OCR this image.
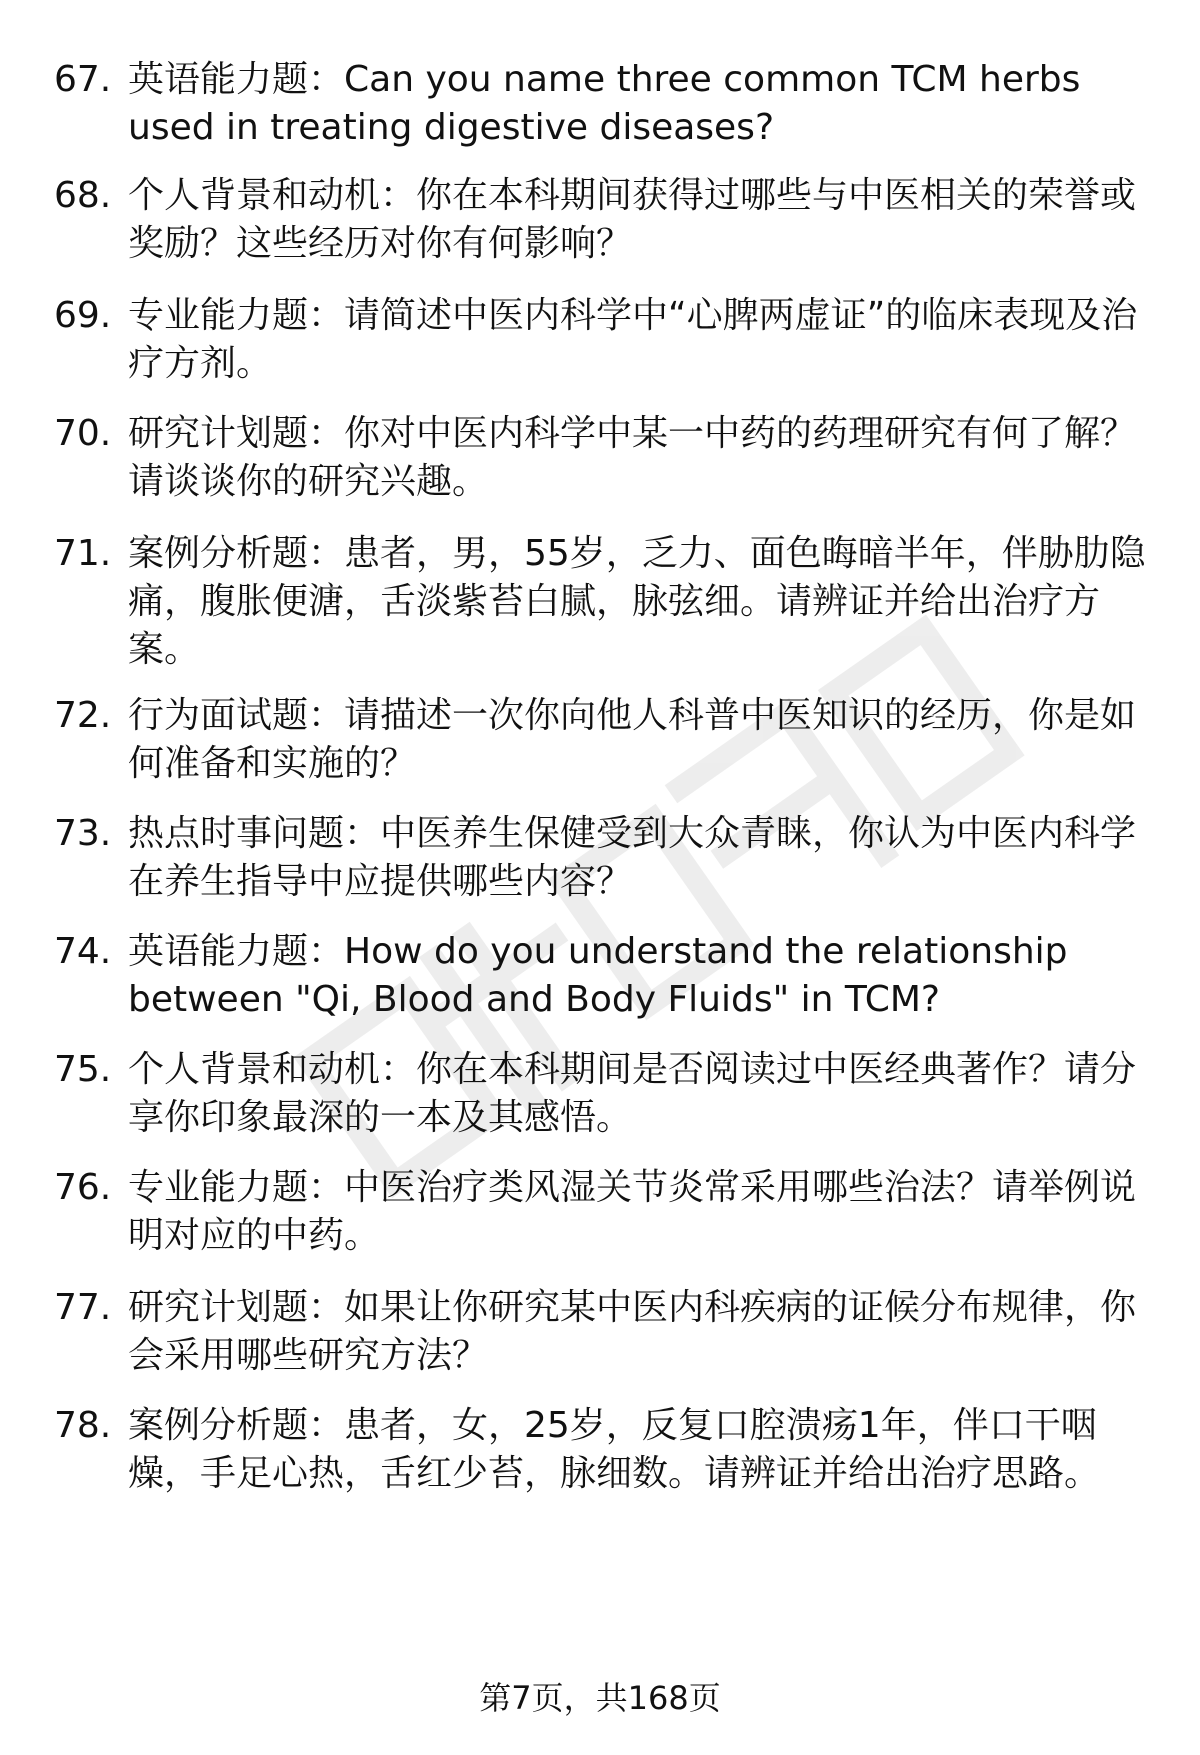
67. 英语能力题：Can you name three common TCM herbs used in treating digestive diseases?
68. 个人背景和动机：你在本科期间获得过哪些与中医相关的荣誉或奖励？这些经历对你有何影响？
69. 专业能力题：请简述中医内科学中“心脾两虚证”的临床表现及治疗方剂。
70. 研究计划题：你对中医内科学中某一中药的药理研究有何了解？请谈谈你的研究兴趣。
71. 案例分析题：患者，男，55岁，乏力、面色晦暗半年，伴胁肋隐痛，腹胀便溏，舌淡紫苔白腻，脉弦细。请辨证并给出治疗方案。
72. 行为面试题：请描述一次你向他人科普中医知识的经历，你是如何准备和实施的？
73. 热点时事问题：中医养生保健受到大众青睐，你认为中医内科学在养生指导中应提供哪些内容？
74. 英语能力题：How do you understand the relationship between "Qi, Blood and Body Fluids" in TCM?
75. 个人背景和动机：你在本科期间是否阅读过中医经典著作？请分享你印象最深的一本及其感悟。
76. 专业能力题：中医治疗类风湿关节炎常采用哪些治法？请举例说明对应的中药。
77. 研究计划题：如果让你研究某中医内科疾病的证候分布规律，你会采用哪些研究方法？
78. 案例分析题：患者，女，25岁，反复口腔溃疡1年，伴口干咽燥，手足心热，舌红少苔，脉细数。请辨证并给出治疗思路。
第7页，共168页
